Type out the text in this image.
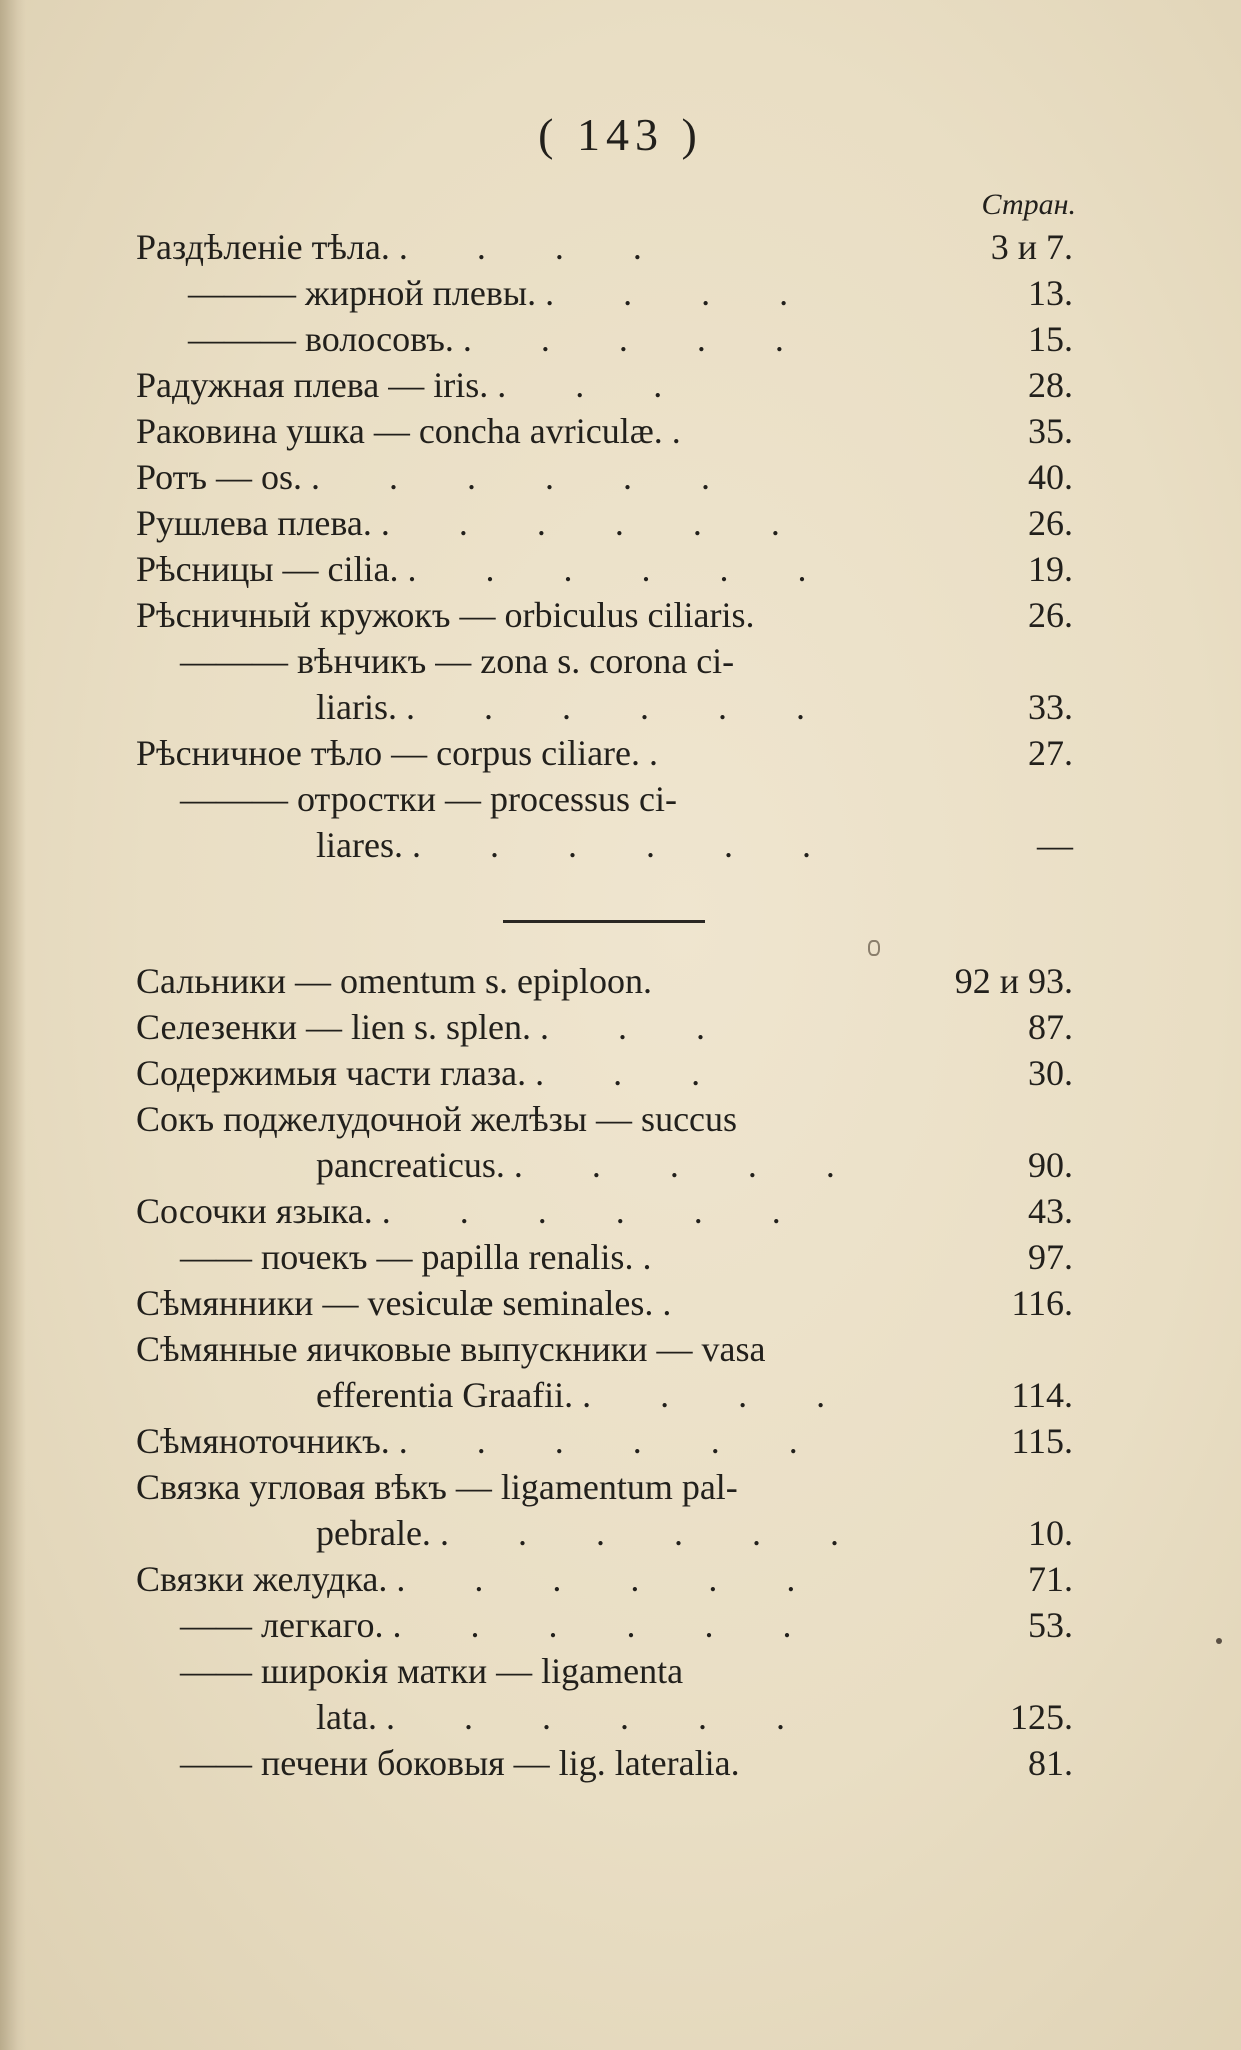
( 143 )
Стран.
Раздѣленіе тѣла. . . . .	3 и 7.
——— жирной плевы. . . . .	13.
——— волосовъ. . . . . .	15.
Радужная плева — iris. . . .	28.
Раковина ушка — concha avriculæ. .	35.
Ротъ — os. . . . . . .	40.
Рушлева плева. . . . . . .	26.
Рѣсницы — cilia. . . . . . .	19.
Рѣсничный кружокъ — orbiculus ciliaris.	26.
——— вѣнчикъ — zona s. corona ci-
liaris. . . . . . .	33.
Рѣсничное тѣло — corpus ciliare. .	27.
——— отростки — processus ci-
liares. . . . . . .	—
Сальники — omentum s. epiploon.	92 и 93.
Селезенки — lien s. splen. . . .	87.
Содержимыя части глаза. . . .	30.
Сокъ поджелудочной желѣзы — succus
pancreaticus. . . . . .	90.
Сосочки языка. . . . . . .	43.
—— почекъ — papilla renalis. .	97.
Сѣмянники — vesiculæ seminales. .	116.
Сѣмянные яичковые выпускники — vasa
efferentia Graafii. . . . .	114.
Сѣмяноточникъ. . . . . . .	115.
Связка угловая вѣкъ — ligamentum pal-
pebrale. . . . . . .	10.
Связки желудка. . . . . . .	71.
—— легкаго. . . . . . .	53.
—— широкія матки — ligamenta
lata. . . . . . .	125.
—— печени боковыя — lig. lateralia.	81.
